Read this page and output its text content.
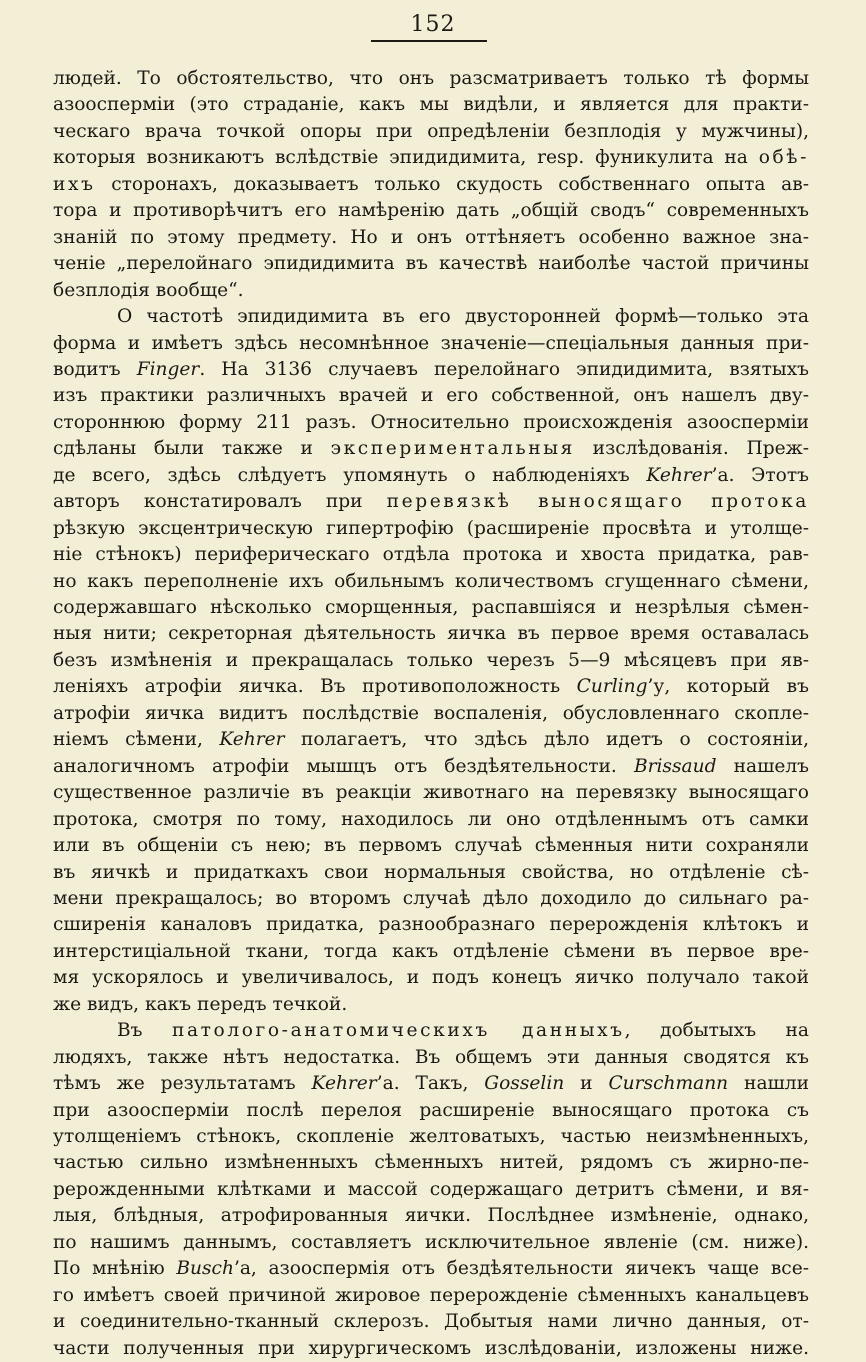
152
людей. То обстоятельство, что онъ разсматриваетъ только тѣ формы
азооспермiи (это страданiе, какъ мы видѣли, и является для практи-
ческаго врача точкой опоры при опредѣленiи безплодiя у мужчины),
которыя возникаютъ вслѣдствiе эпидидимита, resp. фуникулита на обѣ-
ихъ сторонахъ, доказываетъ только скудость собственнаго опыта ав-
тора и противорѣчитъ его намѣренiю дать „общiй сводъ“ современныхъ
знанiй по этому предмету. Но и онъ оттѣняетъ особенно важное зна-
ченiе „перелойнаго эпидидимита въ качествѣ наиболѣе частой причины
безплодiя вообще“.
О частотѣ эпидидимита въ его двусторонней формѣ—только эта
форма и имѣетъ здѣсь несомнѣнное значенiе—спецiальныя данныя при-
водитъ Finger. На 3136 случаевъ перелойнаго эпидидимита, взятыхъ
изъ практики различныхъ врачей и его собственной, онъ нашелъ дву-
стороннюю форму 211 разъ. Относительно происхожденiя азооспермiи
сдѣланы были также и экспериментальныя изслѣдованiя. Преж-
де всего, здѣсь слѣдуетъ упомянуть о наблюденiяхъ Kehrer’а. Этотъ
авторъ констатировалъ при перевязкѣ выносящаго протока
рѣзкую эксцентрическую гипертрофiю (расширенiе просвѣта и утолще-
нiе стѣнокъ) периферическаго отдѣла протока и хвоста придатка, рав-
но какъ переполненiе ихъ обильнымъ количествомъ сгущеннаго сѣмени,
содержавшаго нѣсколько сморщенныя, распавшiяся и незрѣлыя сѣмен-
ныя нити; секреторная дѣятельность яичка въ первое время оставалась
безъ измѣненiя и прекращалась только черезъ 5—9 мѣсяцевъ при яв-
ленiяхъ атрофiи яичка. Въ противоположность Curling’у, который въ
атрофiи яичка видитъ послѣдствiе воспаленiя, обусловленнаго скопле-
нiемъ сѣмени, Kehrer полагаетъ, что здѣсь дѣло идетъ о состоянiи,
аналогичномъ атрофiи мышцъ отъ бездѣятельности. Brissaud нашелъ
существенное различiе въ реакцiи животнаго на перевязку выносящаго
протока, смотря по тому, находилось ли оно отдѣленнымъ отъ самки
или въ общенiи съ нею; въ первомъ случаѣ сѣменныя нити сохраняли
въ яичкѣ и придаткахъ свои нормальныя свойства, но отдѣленiе сѣ-
мени прекращалось; во второмъ случаѣ дѣло доходило до сильнаго ра-
сширенiя каналовъ придатка, разнообразнаго перерожденiя клѣтокъ и
интерстицiальной ткани, тогда какъ отдѣленiе сѣмени въ первое вре-
мя ускорялось и увеличивалось, и подъ конецъ яичко получало такой
же видъ, какъ передъ течкой.
Въ патолого-анатомическихъ данныхъ, добытыхъ на
людяхъ, также нѣтъ недостатка. Въ общемъ эти данныя сводятся къ
тѣмъ же результатамъ Kehrer’а. Такъ, Gosselin и Curschmann нашли
при азооспермiи послѣ перелоя расширенiе выносящаго протока съ
утолщенiемъ стѣнокъ, скопленiе желтоватыхъ, частью неизмѣненныхъ,
частью сильно измѣненныхъ сѣменныхъ нитей, рядомъ съ жирно-пе-
рерожденными клѣтками и массой содержащаго детритъ сѣмени, и вя-
лыя, блѣдныя, атрофированныя яички. Послѣднее измѣненiе, однако,
по нашимъ даннымъ, составляетъ исключительное явленiе (см. ниже).
По мнѣнiю Busch’а, азооспермiя отъ бездѣятельности яичекъ чаще все-
го имѣетъ своей причиной жировое перерожденiе сѣменныхъ канальцевъ
и соединительно-тканный склерозъ. Добытыя нами лично данныя, от-
части полученныя при хирургическомъ изслѣдованiи, изложены ниже.
